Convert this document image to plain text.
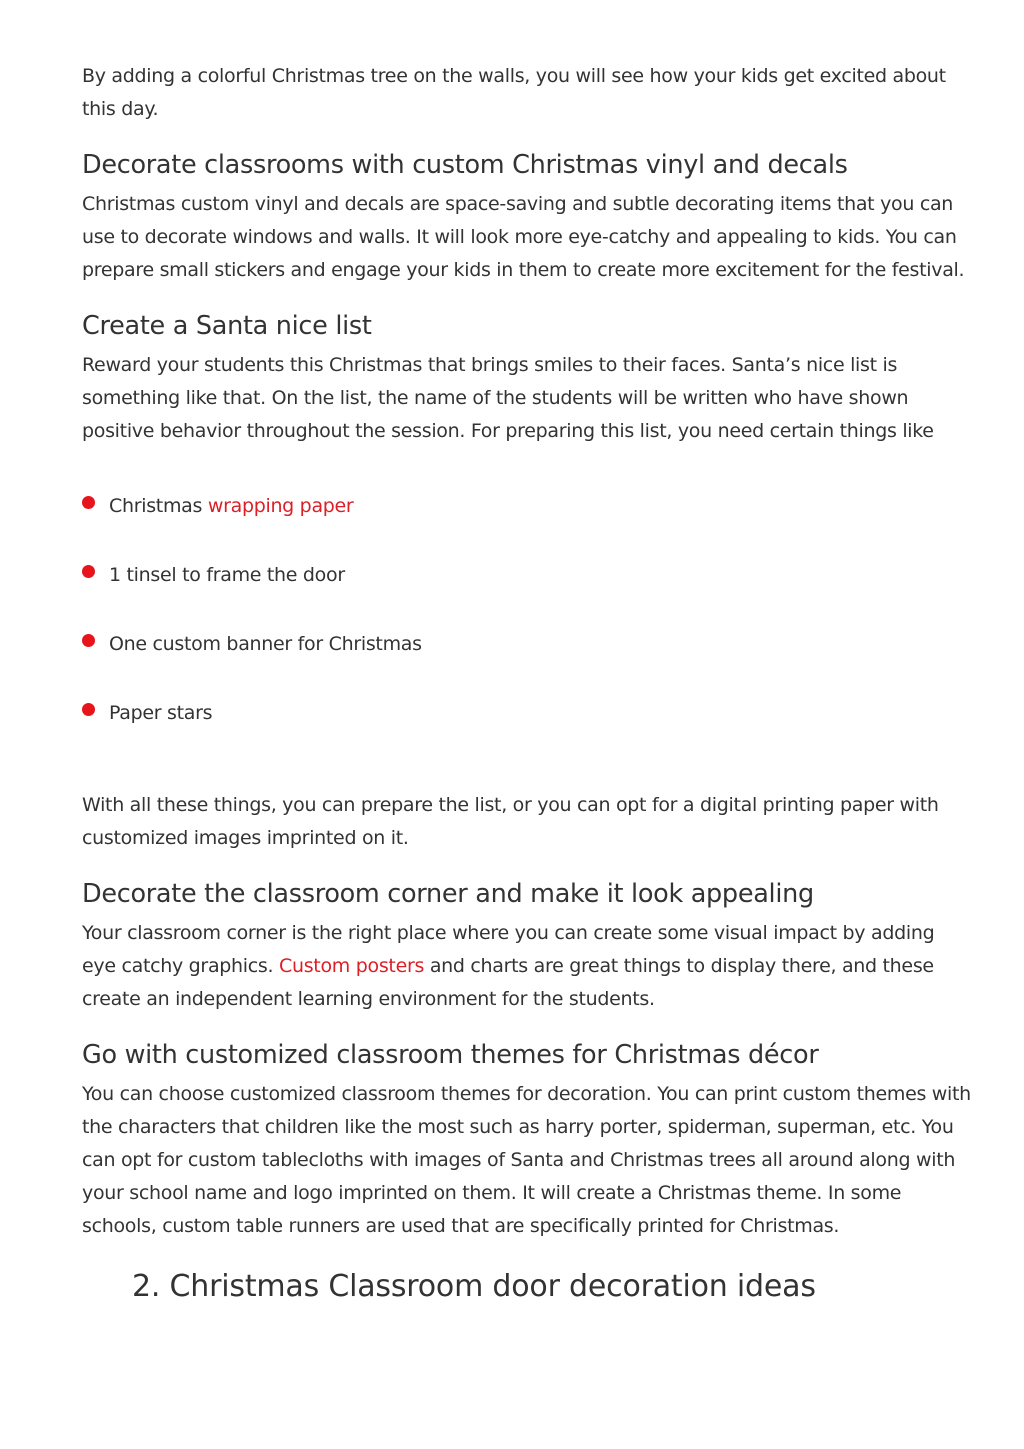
By adding a colorful Christmas tree on the walls, you will see how your kids get excited about this day.

Decorate classrooms with custom Christmas vinyl and decals

Christmas custom vinyl and decals are space-saving and subtle decorating items that you can use to decorate windows and walls. It will look more eye-catchy and appealing to kids. You can prepare small stickers and engage your kids in them to create more excitement for the festival.

Create a Santa nice list

Reward your students this Christmas that brings smiles to their faces. Santa’s nice list is something like that. On the list, the name of the students will be written who have shown positive behavior throughout the session. For preparing this list, you need certain things like

Christmas wrapping paper
1 tinsel to frame the door
One custom banner for Christmas
Paper stars

With all these things, you can prepare the list, or you can opt for a digital printing paper with customized images imprinted on it.

Decorate the classroom corner and make it look appealing

Your classroom corner is the right place where you can create some visual impact by adding eye catchy graphics. Custom posters and charts are great things to display there, and these create an independent learning environment for the students.

Go with customized classroom themes for Christmas décor

You can choose customized classroom themes for decoration. You can print custom themes with the characters that children like the most such as harry porter, spiderman, superman, etc. You can opt for custom tablecloths with images of Santa and Christmas trees all around along with your school name and logo imprinted on them. It will create a Christmas theme. In some schools, custom table runners are used that are specifically printed for Christmas.

2. Christmas Classroom door decoration ideas
